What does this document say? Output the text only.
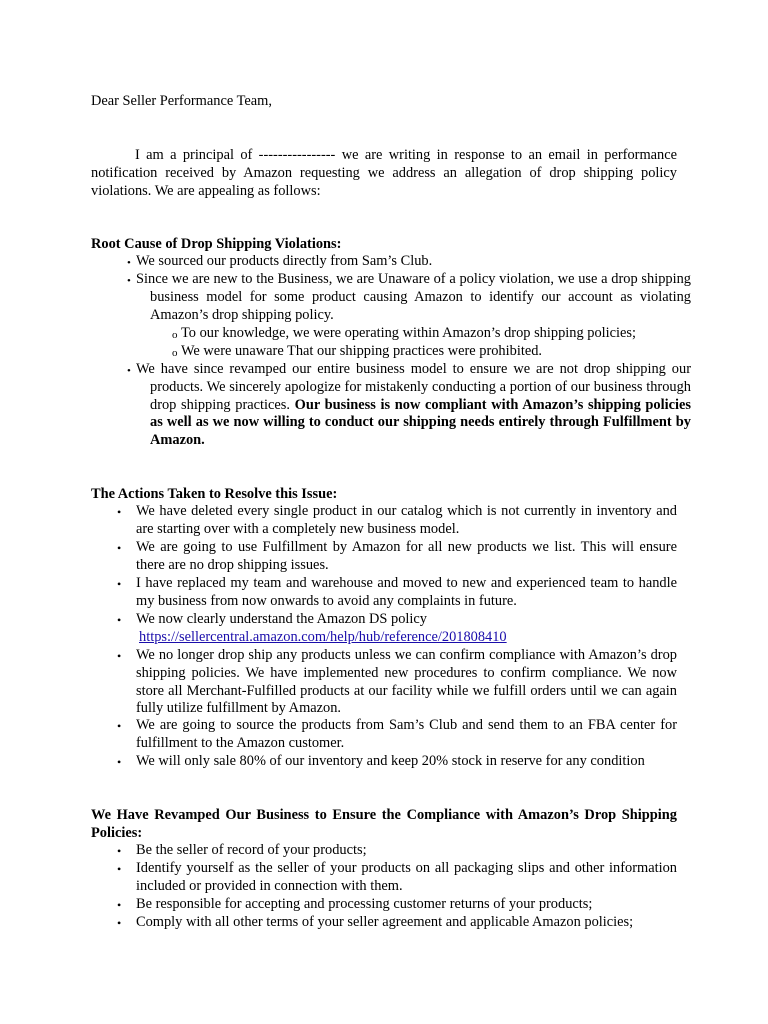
Dear Seller Performance Team,
I am a principal of ---------------- we are writing in response to an email in performance notification received by Amazon requesting we address an allegation of drop shipping policy violations. We are appealing as follows:
Root Cause of Drop Shipping Violations:
• We sourced our products directly from Sam’s Club.
• Since we are new to the Business, we are Unaware of a policy violation, we use a drop shipping business model for some product causing Amazon to identify our account as violating Amazon’s drop shipping policy.
o To our knowledge, we were operating within Amazon’s drop shipping policies;
o We were unaware That our shipping practices were prohibited.
• We have since revamped our entire business model to ensure we are not drop shipping our products. We sincerely apologize for mistakenly conducting a portion of our business through drop shipping practices. Our business is now compliant with Amazon’s shipping policies as well as we now willing to conduct our shipping needs entirely through Fulfillment by Amazon.
The Actions Taken to Resolve this Issue:
• We have deleted every single product in our catalog which is not currently in inventory and are starting over with a completely new business model.
• We are going to use Fulfillment by Amazon for all new products we list. This will ensure there are no drop shipping issues.
• I have replaced my team and warehouse and moved to new and experienced team to handle my business from now onwards to avoid any complaints in future.
• We now clearly understand the Amazon DS policy
https://sellercentral.amazon.com/help/hub/reference/201808410
• We no longer drop ship any products unless we can confirm compliance with Amazon’s drop shipping policies. We have implemented new procedures to confirm compliance. We now store all Merchant-Fulfilled products at our facility while we fulfill orders until we can again fully utilize fulfillment by Amazon.
• We are going to source the products from Sam’s Club and send them to an FBA center for fulfillment to the Amazon customer.
• We will only sale 80% of our inventory and keep 20% stock in reserve for any condition
We Have Revamped Our Business to Ensure the Compliance with Amazon’s Drop Shipping Policies:
• Be the seller of record of your products;
• Identify yourself as the seller of your products on all packaging slips and other information included or provided in connection with them.
• Be responsible for accepting and processing customer returns of your products;
• Comply with all other terms of your seller agreement and applicable Amazon policies;
